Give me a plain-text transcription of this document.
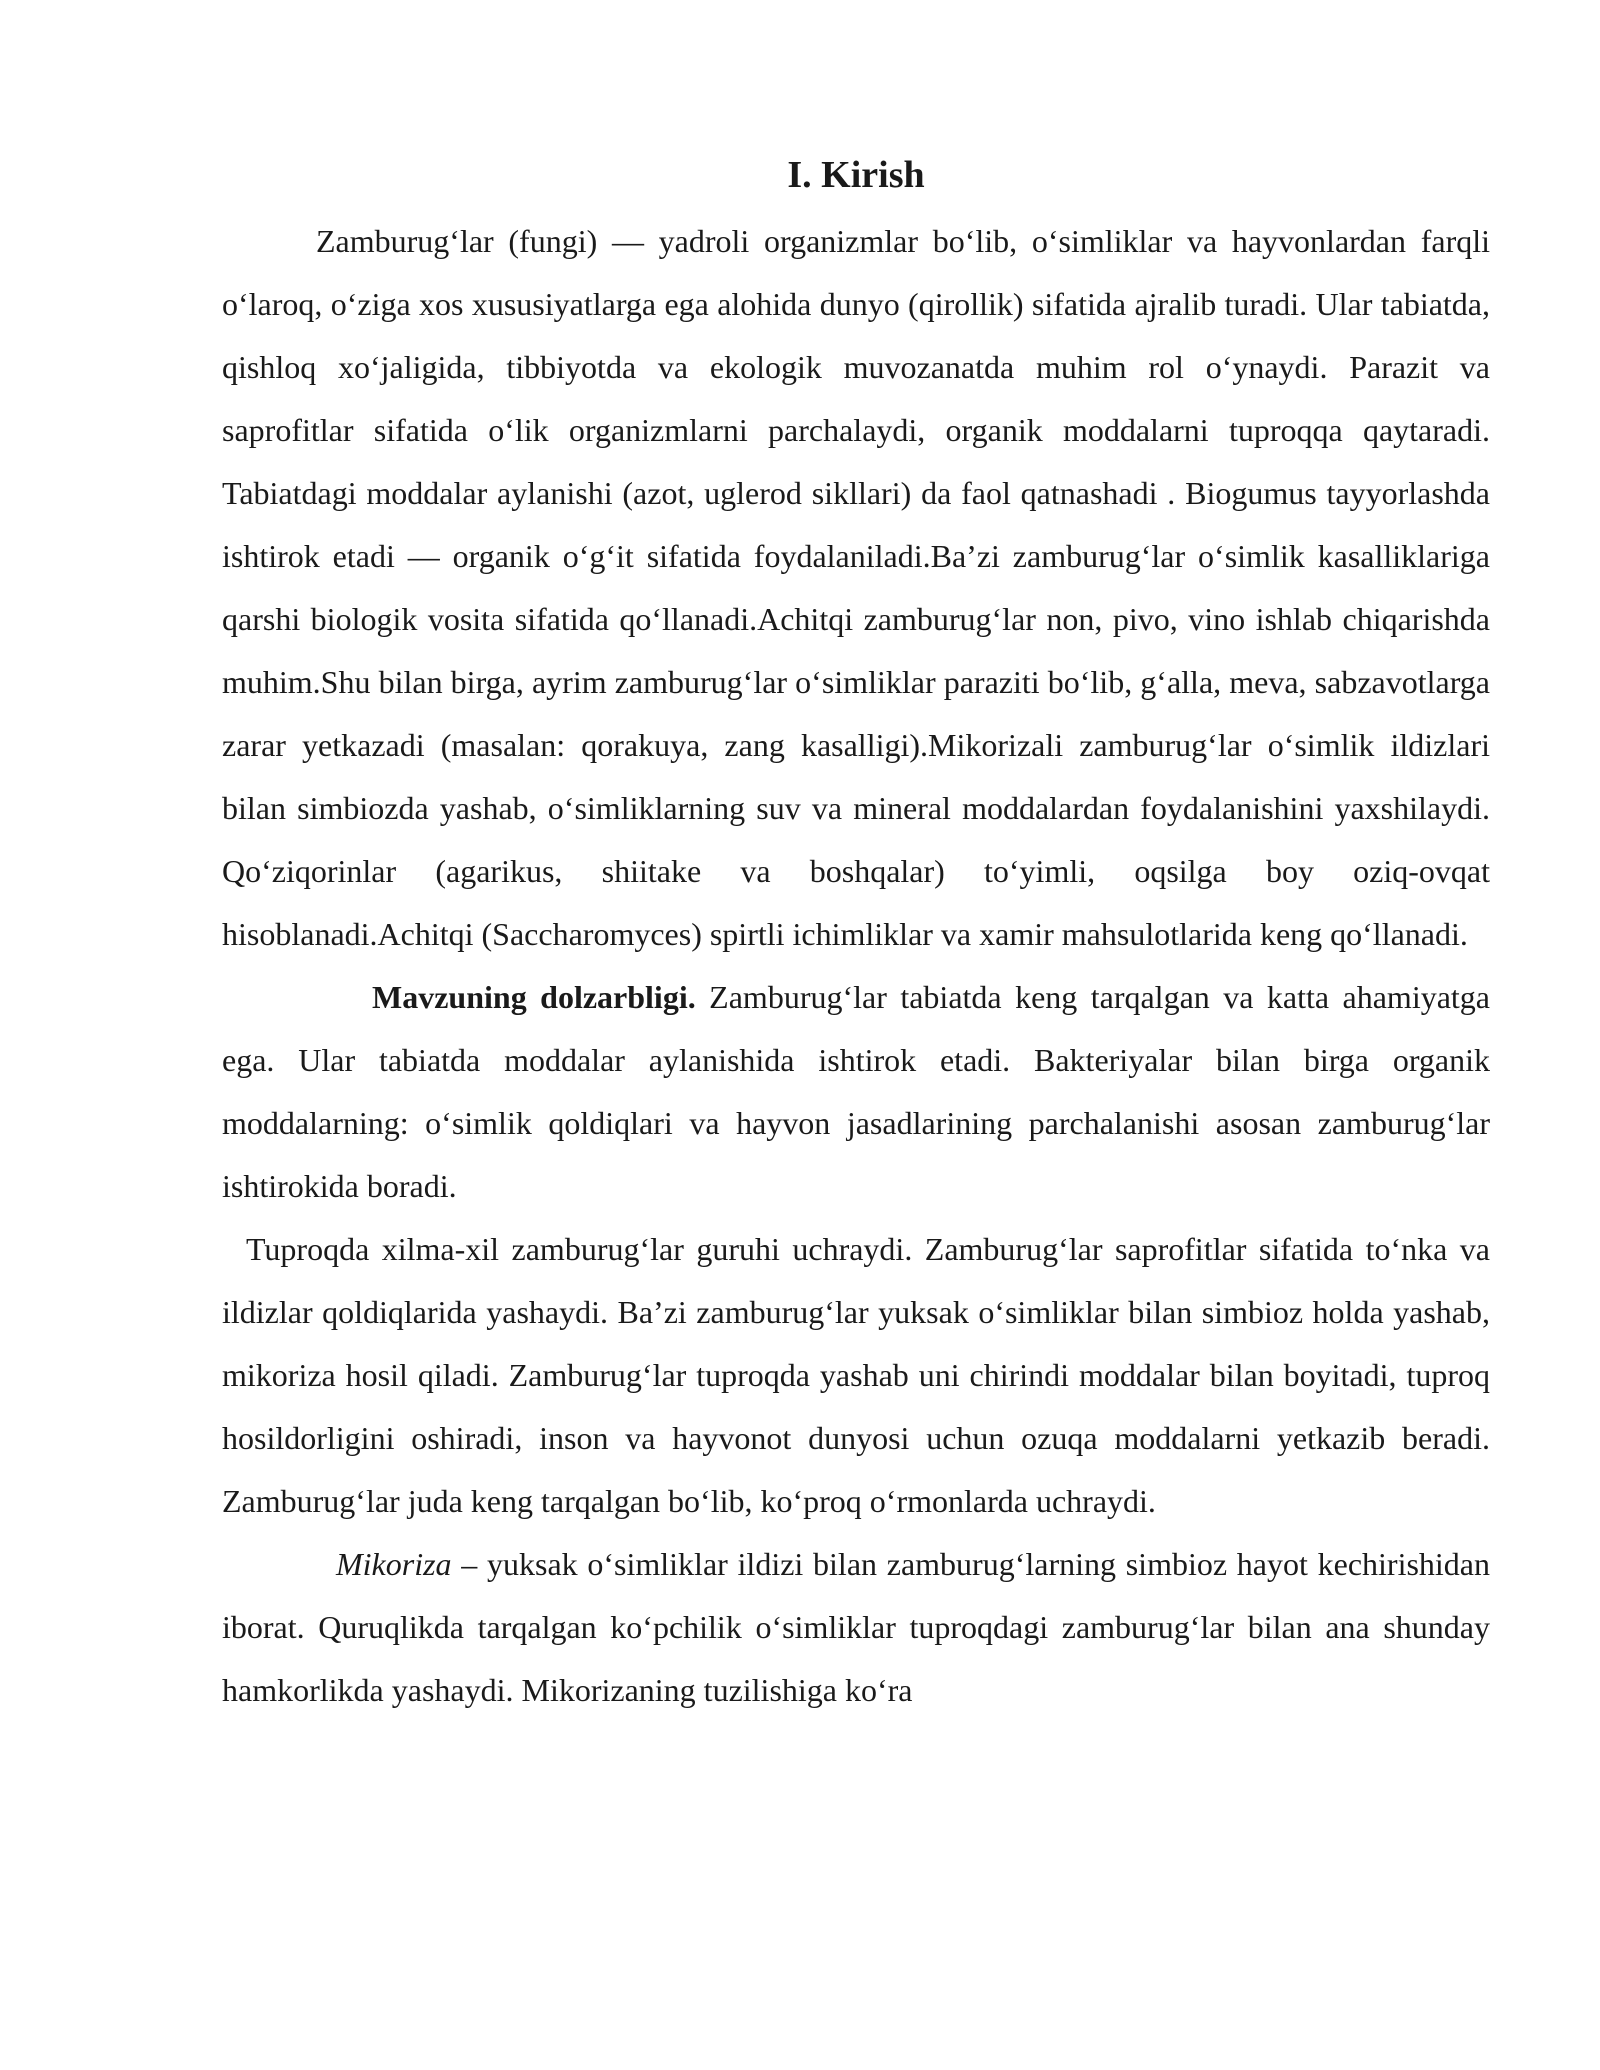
I. Kirish

Zamburug‘lar (fungi) — yadroli organizmlar bo‘lib, o‘simliklar va hayvonlardan farqli o‘laroq, o‘ziga xos xususiyatlarga ega alohida dunyo (qirollik) sifatida ajralib turadi. Ular tabiatda, qishloq xo‘jaligida, tibbiyotda va ekologik muvozanatda muhim rol o‘ynaydi. Parazit va saprofitlar sifatida o‘lik organizmlarni parchalaydi, organik moddalarni tuproqqa qaytaradi. Tabiatdagi moddalar aylanishi (azot, uglerod sikllari) da faol qatnashadi . Biogumus tayyorlashda ishtirok etadi — organik o‘g‘it sifatida foydalaniladi.Ba’zi zamburug‘lar o‘simlik kasalliklariga qarshi biologik vosita sifatida qo‘llanadi.Achitqi zamburug‘lar non, pivo, vino ishlab chiqarishda muhim.Shu bilan birga, ayrim zamburug‘lar o‘simliklar paraziti bo‘lib, g‘alla, meva, sabzavotlarga zarar yetkazadi (masalan: qorakuya, zang kasalligi).Mikorizali zamburug‘lar o‘simlik ildizlari bilan simbiozda yashab, o‘simliklarning suv va mineral moddalardan foydalanishini yaxshilaydi. Qo‘ziqorinlar (agarikus, shiitake va boshqalar) to‘yimli, oqsilga boy oziq-ovqat hisoblanadi.Achitqi (Saccharomyces) spirtli ichimliklar va xamir mahsulotlarida keng qo‘llanadi.

Mavzuning dolzarbligi. Zamburug‘lar tabiatda keng tarqalgan va katta ahamiyatga ega. Ular tabiatda moddalar aylanishida ishtirok etadi. Bakteriyalar bilan birga organik moddalarning: o‘simlik qoldiqlari va hayvon jasadlarining parchalanishi asosan zamburug‘lar ishtirokida boradi.

Tuproqda xilma-xil zamburug‘lar guruhi uchraydi. Zamburug‘lar saprofitlar sifatida to‘nka va ildizlar qoldiqlarida yashaydi. Ba’zi zamburug‘lar yuksak o‘simliklar bilan simbioz holda yashab, mikoriza hosil qiladi. Zamburug‘lar tuproqda yashab uni chirindi moddalar bilan boyitadi, tuproq hosildorligini oshiradi, inson va hayvonot dunyosi uchun ozuqa moddalarni yetkazib beradi. Zamburug‘lar juda keng tarqalgan bo‘lib, ko‘proq o‘rmonlarda uchraydi.

Mikoriza – yuksak o‘simliklar ildizi bilan zamburug‘larning simbioz hayot kechirishidan iborat. Quruqlikda tarqalgan ko‘pchilik o‘simliklar tuproqdagi zamburug‘lar bilan ana shunday hamkorlikda yashaydi. Mikorizaning tuzilishiga ko‘ra
